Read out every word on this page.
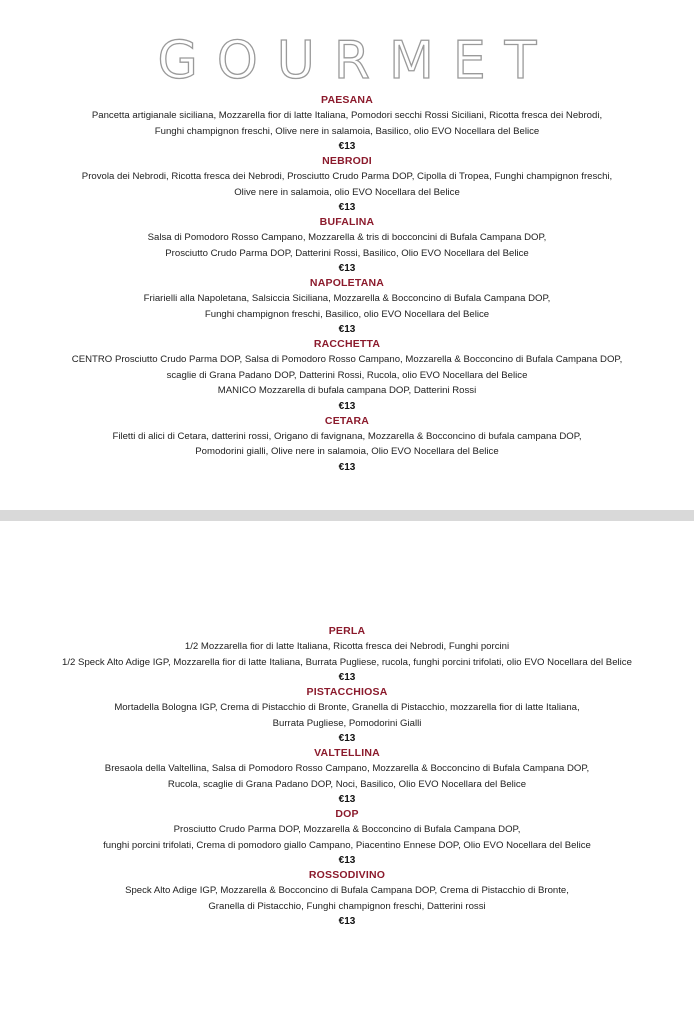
GOURMET
PAESANA
Pancetta artigianale siciliana, Mozzarella fior di latte Italiana, Pomodori secchi Rossi Siciliani, Ricotta fresca dei Nebrodi,
Funghi champignon freschi, Olive nere in salamoia, Basilico, olio EVO Nocellara del Belice
€13
NEBRODI
Provola dei Nebrodi, Ricotta fresca dei Nebrodi, Prosciutto Crudo Parma DOP, Cipolla di Tropea, Funghi champignon freschi,
Olive nere in salamoia, olio EVO Nocellara del Belice
€13
BUFALINA
Salsa di Pomodoro Rosso Campano, Mozzarella & tris di bocconcini di Bufala Campana DOP,
Prosciutto Crudo Parma DOP, Datterini Rossi, Basilico, Olio EVO Nocellara del Belice
€13
NAPOLETANA
Friarielli alla Napoletana, Salsiccia Siciliana, Mozzarella & Bocconcino di Bufala Campana DOP,
Funghi champignon freschi, Basilico, olio EVO Nocellara del Belice
€13
RACCHETTA
CENTRO Prosciutto Crudo Parma DOP, Salsa di Pomodoro Rosso Campano, Mozzarella & Bocconcino di Bufala Campana DOP,
scaglie di Grana Padano DOP, Datterini Rossi, Rucola, olio EVO Nocellara del Belice
MANICO Mozzarella di bufala campana DOP, Datterini Rossi
€13
CETARA
Filetti di alici di Cetara, datterini rossi, Origano di favignana, Mozzarella & Bocconcino di bufala campana DOP,
Pomodorini gialli, Olive nere in salamoia, Olio EVO Nocellara del Belice
€13
PERLA
1/2 Mozzarella fior di latte Italiana, Ricotta fresca dei Nebrodi, Funghi porcini
1/2 Speck Alto Adige IGP, Mozzarella fior di latte Italiana, Burrata Pugliese, rucola, funghi porcini trifolati, olio EVO Nocellara del Belice
€13
PISTACCHIOSA
Mortadella Bologna IGP, Crema di Pistacchio di Bronte, Granella di Pistacchio, mozzarella fior di latte Italiana,
Burrata Pugliese, Pomodorini Gialli
€13
VALTELLINA
Bresaola della Valtellina, Salsa di Pomodoro Rosso Campano, Mozzarella & Bocconcino di Bufala Campana DOP,
Rucola, scaglie di Grana Padano DOP, Noci, Basilico, Olio EVO Nocellara del Belice
€13
DOP
Prosciutto Crudo Parma DOP, Mozzarella & Bocconcino di Bufala Campana DOP,
funghi porcini trifolati, Crema di pomodoro giallo Campano, Piacentino Ennese DOP, Olio EVO Nocellara del Belice
€13
ROSSODIVINO
Speck Alto Adige IGP, Mozzarella & Bocconcino di Bufala Campana DOP, Crema di Pistacchio di Bronte,
Granella di Pistacchio, Funghi champignon freschi, Datterini rossi
€13
